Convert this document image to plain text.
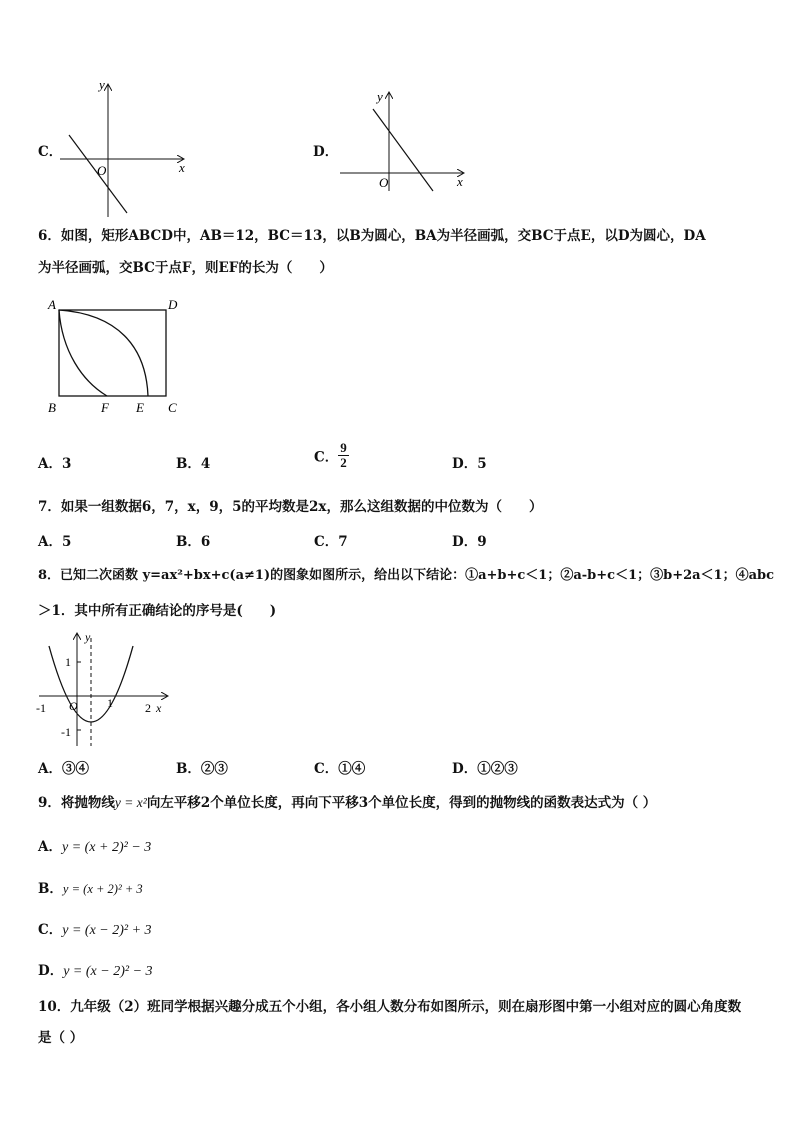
C．
y
x
O
D．
y
x
O
6．如图，矩形ABCD中，AB＝12，BC＝13，以B为圆心，BA为半径画弧，交BC于点E，以D为圆心，DA
为半径画弧，交BC于点F，则EF的长为（　　）
A	D
B	F E C
A．3	B．4	C． $\frac{9}{2}$	D．5
7．如果一组数据6，7，x，9，5的平均数是2x，那么这组数据的中位数为（　　）
A．5	B．6	C．7	D．9
8．已知二次函数 y=ax²+bx+c(a≠1)的图象如图所示，给出以下结论：①a+b+c＜1；②a-b+c＜1；③b+2a＜1；④abc
＞1．其中所有正确结论的序号是(　　)
-1	1	2 x
y
1
-1
O
A．③④	B．②③	C．①④	D．①②③
9．将抛物线y = x²向左平移2个单位长度，再向下平移3个单位长度，得到的抛物线的函数表达式为（ ）
A．y = (x + 2)² − 3
B．y = (x + 2)² + 3
C．y = (x − 2)² + 3
D．y = (x − 2)² − 3
10．九年级（2）班同学根据兴趣分成五个小组，各小组人数分布如图所示，则在扇形图中第一小组对应的圆心角度数
是（ ）
